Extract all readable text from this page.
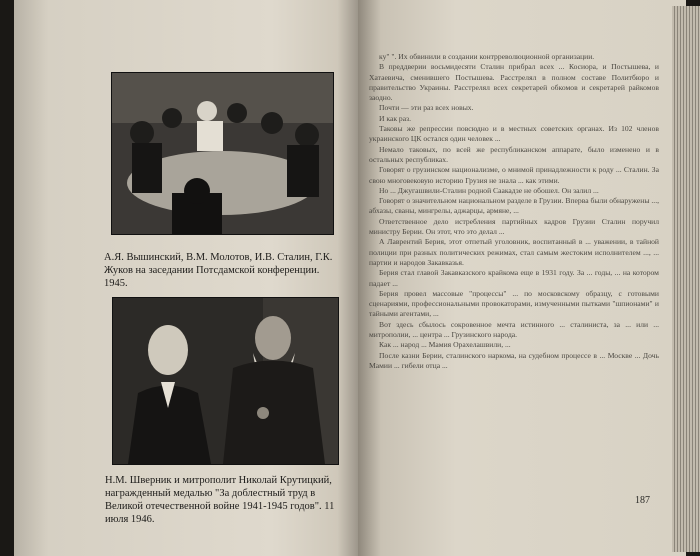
А.Я. Вышинский, В.М. Молотов, И.В. Сталин, Г.К. Жуков на заседании Потсдамской конференции. 1945.
Н.М. Шверник и митрополит Николай Крутицкий, награжденный медалью "За доблестный труд в Великой отечественной войне 1941-1945 годов". 11 июля 1946.

ку" ". Их обвинили в создании контрреволюционной организации.

В преддверии восьмидесяти Сталин прибрал всех ... Косиора, и Постышева, и Хатаевича, сменившего Постышева. Расстрелял в полном составе Политбюро и правительство Украины. Расстрелял всех секретарей обкомов и секретарей райкомов заодно.

Почти — эти раз всех новых.

И как раз.

Таковы же репрессии повсюдно и в местных советских органах. Из 102 членов украинского ЦК остался один человек ...

Немало таковых, по всей же республиканском аппарате, было изменено и в остальных республиках.

Говорят о грузинском национализме, о мнимой принадлежности к роду ... Сталин. За свою многовековую историю Грузия не знала ... как этими.

Но ... Джугашвили-Сталин родной Саакадзе не обошел. Он залил ...

Говорят о значительном национальном разделе в Грузии. Вперва были обнаружены ..., абхазы, сваны, мингрелы, аджарцы, армяне, ...

Ответственное дело истребления партийных кадров Грузии Сталин поручил министру Берии. Он этот, что это делал ...

А Лаврентий Берия, этот отпетый уголовник, воспитанный в ... уважении, в тайной полиции при разных политических режимах, стал самым жестоким исполнителем ..., ... партии и народов Закавказья.

Берия стал главой Закавказского крайкома еще в 1931 году. За ... годы, ... на котором падает ...

Берия провел массовые "процессы" ... по московскому образцу, с готовыми сценариями, профессиональными провокаторами, измученными пытками "шпионами" и тайными агентами, ...

Вот здесь сбылось сокровенное мечта истинного ... сталиниста, за ... или ... митрополии, ... центра ... Грузинского народа.

Как ... народ ... Мамия Орахелашвили, ...

После казни Берии, сталинского наркома, на судебном процессе в ... Москве ... Дочь Мамии ... гибели отца ...

187
